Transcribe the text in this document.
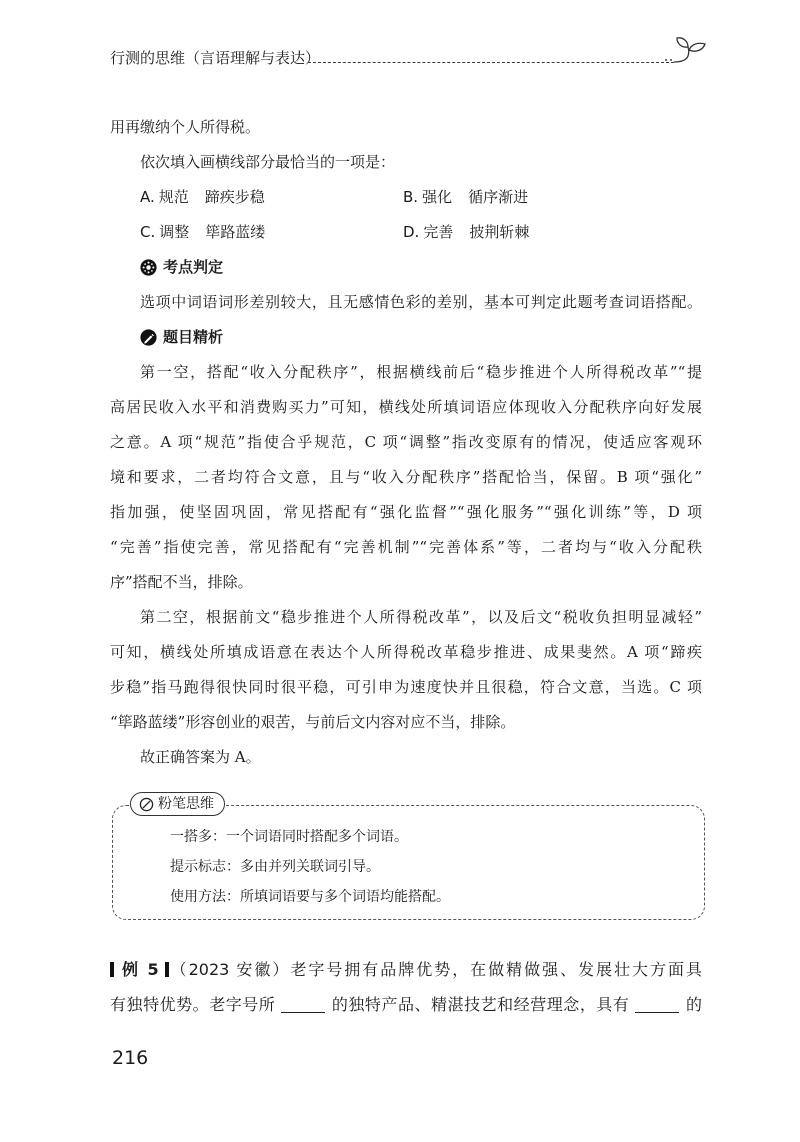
行测的思维（言语理解与表达）
用再缴纳个人所得税。
依次填入画横线部分最恰当的一项是：
A. 规范 蹄疾步稳	B. 强化 循序渐进
C. 调整 筚路蓝缕	D. 完善 披荆斩棘
考点判定
选项中词语词形差别较大，且无感情色彩的差别，基本可判定此题考查词语搭配。
题目精析
第一空，搭配“收入分配秩序”，根据横线前后“稳步推进个人所得税改革”“提
高居民收入水平和消费购买力”可知，横线处所填词语应体现收入分配秩序向好发展
之意。A 项“规范”指使合乎规范，C 项“调整”指改变原有的情况，使适应客观环
境和要求，二者均符合文意，且与“收入分配秩序”搭配恰当，保留。B 项“强化”
指加强，使坚固巩固，常见搭配有“强化监督”“强化服务”“强化训练”等，D 项
“完善”指使完善，常见搭配有“完善机制”“完善体系”等，二者均与“收入分配秩
序”搭配不当，排除。
第二空，根据前文“稳步推进个人所得税改革”，以及后文“税收负担明显减轻”
可知，横线处所填成语意在表达个人所得税改革稳步推进、成果斐然。A 项“蹄疾
步稳”指马跑得很快同时很平稳，可引申为速度快并且很稳，符合文意，当选。C 项
“筚路蓝缕”形容创业的艰苦，与前后文内容对应不当，排除。
故正确答案为 A。
粉笔思维
一搭多：一个词语同时搭配多个词语。
提示标志：多由并列关联词引导。
使用方法：所填词语要与多个词语均能搭配。
例 5 （2023 安徽）老字号拥有品牌优势，在做精做强、发展壮大方面具
有独特优势。老字号所	的独特产品、精湛技艺和经营理念，具有	的
216
